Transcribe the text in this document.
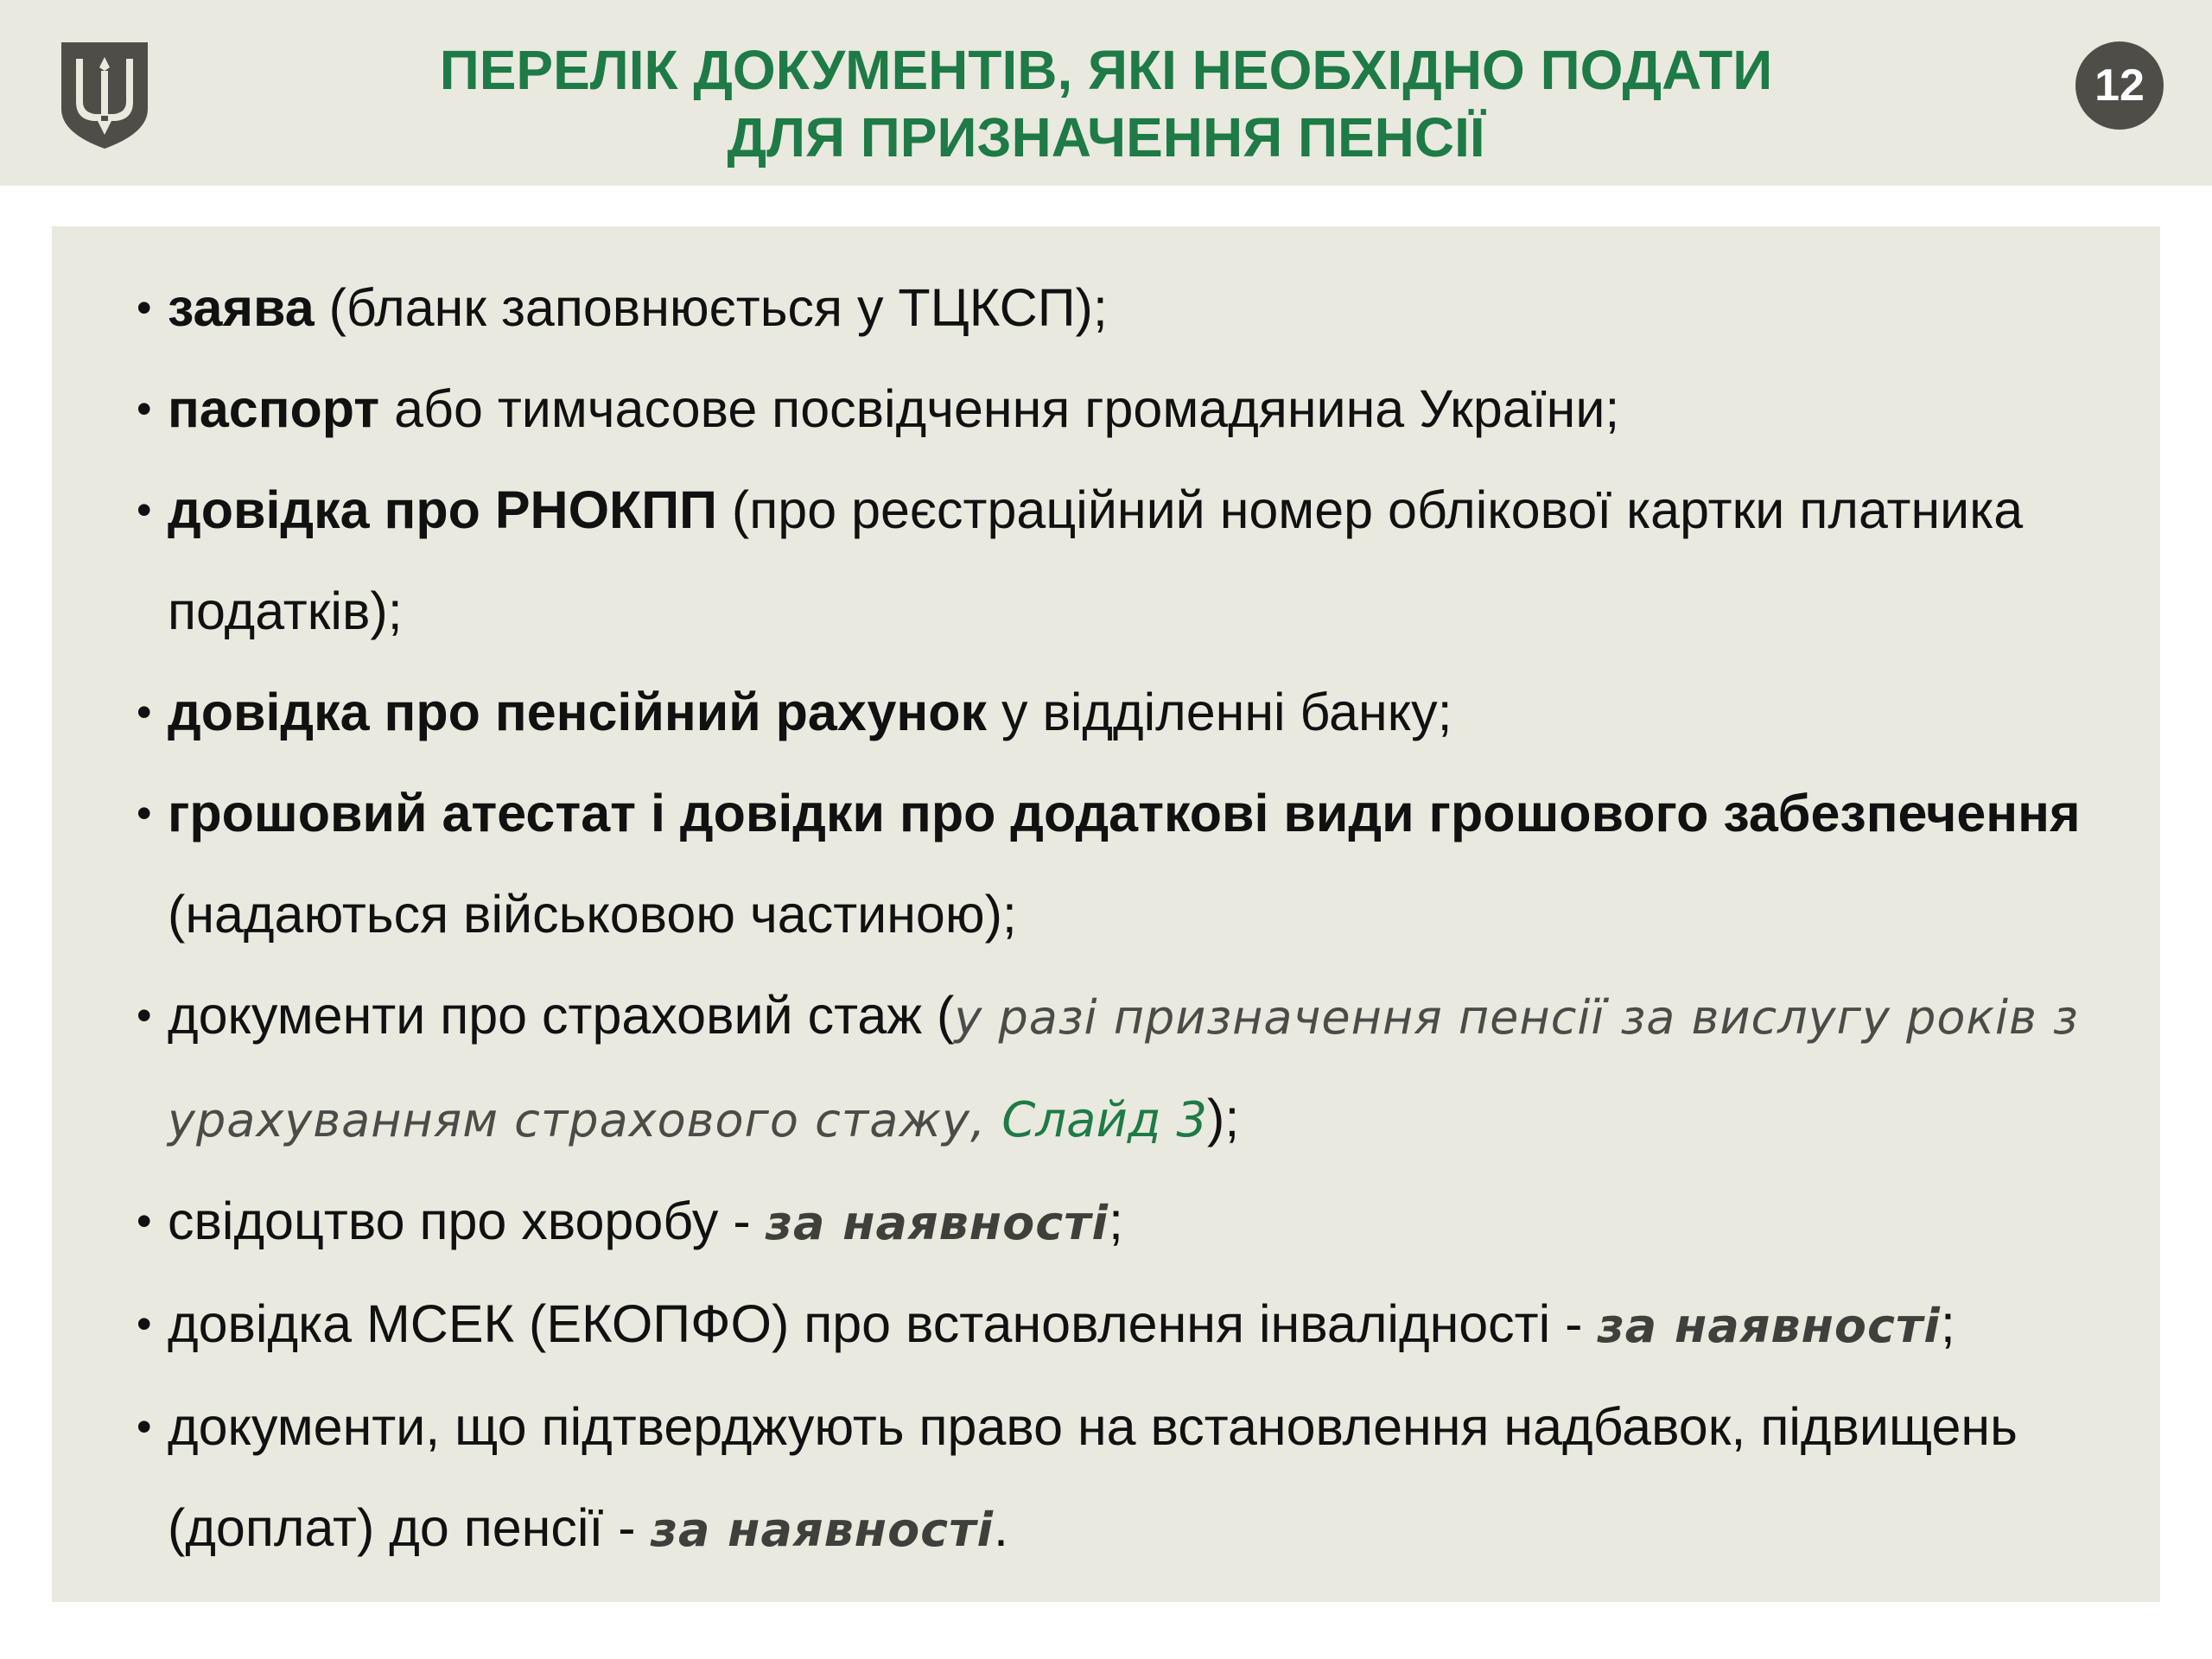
ПЕРЕЛІК ДОКУМЕНТІВ, ЯКІ НЕОБХІДНО ПОДАТИ
ДЛЯ ПРИЗНАЧЕННЯ ПЕНСІЇ
12
• заява (бланк заповнюється у ТЦКСП);
• паспорт або тимчасове посвідчення громадянина України;
• довідка про РНОКПП (про реєстраційний номер облікової картки платника податків);
• довідка про пенсійний рахунок у відділенні банку;
• грошовий атестат і довідки про додаткові види грошового забезпечення (надаються військовою частиною);
• документи про страховий стаж (у разі призначення пенсії за вислугу років з урахуванням страхового стажу, Слайд 3);
• свідоцтво про хворобу - за наявності;
• довідка МСЕК (ЕКОПФО) про встановлення інвалідності - за наявності;
• документи, що підтверджують право на встановлення надбавок, підвищень (доплат) до пенсії - за наявності.
